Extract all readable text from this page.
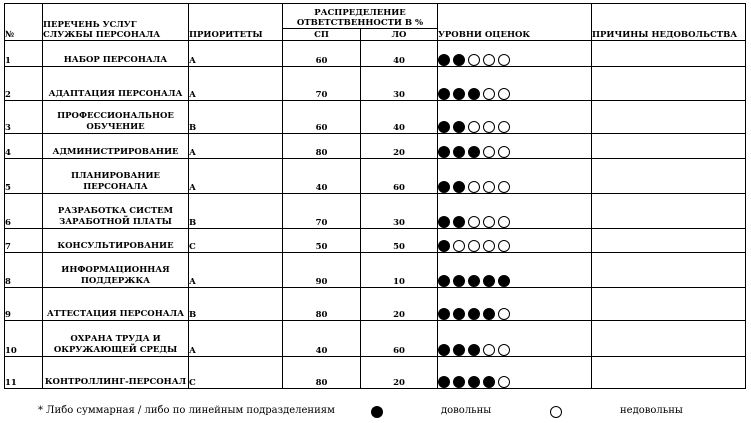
№	ПЕРЕЧЕНЬ УСЛУГ СЛУЖБЫ ПЕРСОНАЛА	ПРИОРИТЕТЫ	РАСПРЕДЕЛЕНИЕ ОТВЕТСТВЕННОСТИ В %		УРОВНИ ОЦЕНОК	ПРИЧИНЫ НЕДОВОЛЬСТВА
			СП	ЛО		
1	НАБОР ПЕРСОНАЛА	А	60	40	

2	АДАПТАЦИЯ ПЕРСОНАЛА	А	70	30	

3	ПРОФЕССИОНАЛЬНОЕ ОБУЧЕНИЕ	В	60	40	

4	АДМИНИСТРИРОВАНИЕ	А	80	20	

5	ПЛАНИРОВАНИЕ ПЕРСОНАЛА	А	40	60	

6	РАЗРАБОТКА СИСТЕМ ЗАРАБОТНОЙ ПЛАТЫ	В	70	30	

7	КОНСУЛЬТИРОВАНИЕ	С	50	50	

8	ИНФОРМАЦИОННАЯ ПОДДЕРЖКА	А	90	10	

9	АТТЕСТАЦИЯ ПЕРСОНАЛА	В	80	20	

10	ОХРАНА ТРУДА И ОКРУЖАЮЩЕЙ СРЕДЫ	А	40	60	

11	КОНТРОЛЛИНГ-ПЕРСОНАЛ	С	80	20	

* Либо суммарная / либо по линейным подразделениям	довольны	недовольны
